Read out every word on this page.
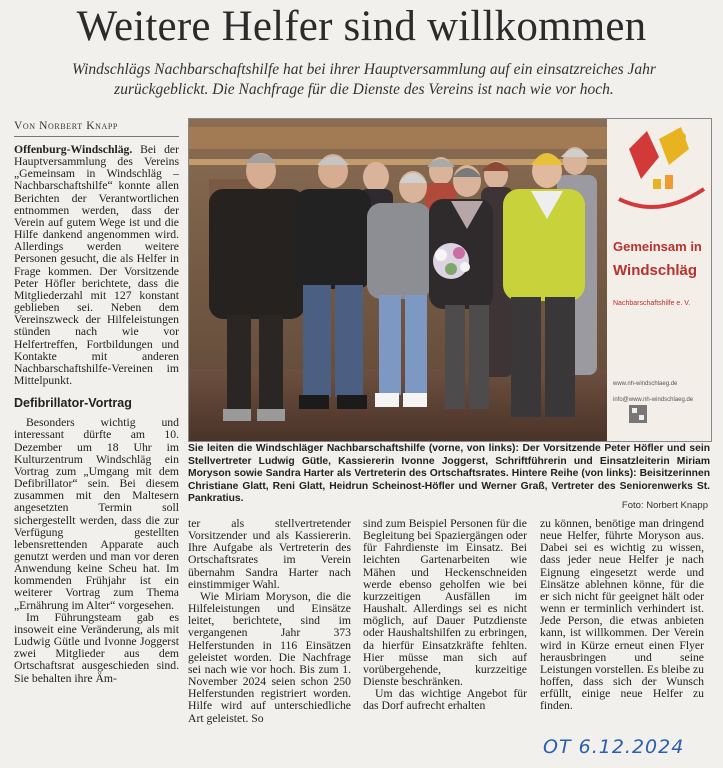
Weitere Helfer sind willkommen
Windschlägs Nachbarschaftshilfe hat bei ihrer Hauptversammlung auf ein einsatzreiches Jahr
zurückgeblickt. Die Nachfrage für die Dienste des Vereins ist nach wie vor hoch.
Von Norbert Knapp

Offenburg-Windschläg. Bei der Hauptversammlung des Vereins „Gemeinsam in Windschläg – Nachbarschaftshilfe“ konnte allen Berichten der Verantwortlichen entnommen werden, dass der Verein auf gutem Wege ist und die Hilfe dankend angenommen wird. Allerdings werden weitere Personen gesucht, die als Helfer in Frage kommen. Der Vorsitzende Peter Höfler berichtete, dass die Mitgliederzahl mit 127 konstant geblieben sei. Neben dem Vereinszweck der Hilfeleistungen stünden nach wie vor Helfertreffen, Fortbildungen und Kontakte mit anderen Nachbarschaftshilfe-Vereinen im Mittelpunkt.

Defibrillator-Vortrag

Besonders wichtig und interessant dürfte am 10. Dezember um 18 Uhr im Kulturzentrum Windschläg ein Vortrag zum „Umgang mit dem Defibrillator“ sein. Bei diesem zusammen mit den Maltesern angesetzten Termin soll sichergestellt werden, dass die zur Verfügung gestellten lebensrettenden Apparate auch genutzt werden und man vor deren Anwendung keine Scheu hat. Im kommenden Frühjahr ist ein weiterer Vortrag zum Thema „Ernährung im Alter“ vorgesehen.

Im Führungsteam gab es insoweit eine Veränderung, als mit Ludwig Gütle und Ivonne Joggerst zwei Mitglieder aus dem Ortschaftsrat ausgeschieden sind. Sie behalten ihre Äm-

Gemeinsam in
Windschläg
Nachbarschaftshilfe e. V.
www.nh-windschlaeg.de
info@www.nh-windschlaeg.de
Sie leiten die Windschläger Nachbarschaftshilfe (vorne, von links): Der Vorsitzende Peter Höfler und sein Stellvertreter Ludwig Gütle, Kassiererin Ivonne Joggerst, Schriftführerin und Einsatzleiterin Miriam Moryson sowie Sandra Harter als Vertreterin des Ortschaftsrates. Hintere Reihe (von links): Beisitzerinnen Christiane Glatt, Reni Glatt, Heidrun Scheinost-Höfler und Werner Graß, Vertreter des Seniorenwerks St. Pankratius.
Foto: Norbert Knapp

ter als stellvertretender Vorsitzender und als Kassiererin. Ihre Aufgabe als Vertreterin des Ortschaftsrates im Verein übernahm Sandra Harter nach einstimmiger Wahl.

Wie Miriam Moryson, die die Hilfeleistungen und Einsätze leitet, berichtete, sind im vergangenen Jahr 373 Helferstunden in 116 Einsätzen geleistet worden. Die Nachfrage sei nach wie vor hoch. Bis zum 1. November 2024 seien schon 250 Helferstunden registriert worden. Hilfe wird auf unterschiedliche Art geleistet. So

sind zum Beispiel Personen für die Begleitung bei Spaziergängen oder für Fahrdienste im Einsatz. Bei leichten Gartenarbeiten wie Mähen und Heckenschneiden werde ebenso geholfen wie bei kurzzeitigen Ausfällen im Haushalt. Allerdings sei es nicht möglich, auf Dauer Putzdienste oder Haushaltshilfen zu erbringen, da hierfür Einsatzkräfte fehlten. Hier müsse man sich auf vorübergehende, kurzzeitige Dienste beschränken.

Um das wichtige Angebot für das Dorf aufrecht erhalten

zu können, benötige man dringend neue Helfer, führte Moryson aus. Dabei sei es wichtig zu wissen, dass jeder neue Helfer je nach Eignung eingesetzt werde und Einsätze ablehnen könne, für die er sich nicht für geeignet hält oder wenn er terminlich verhindert ist. Jede Person, die etwas anbieten kann, ist willkommen. Der Verein wird in Kürze erneut einen Flyer herausbringen und seine Leistungen vorstellen. Es bleibe zu hoffen, dass sich der Wunsch erfüllt, einige neue Helfer zu finden.

OT 6.12.2024
